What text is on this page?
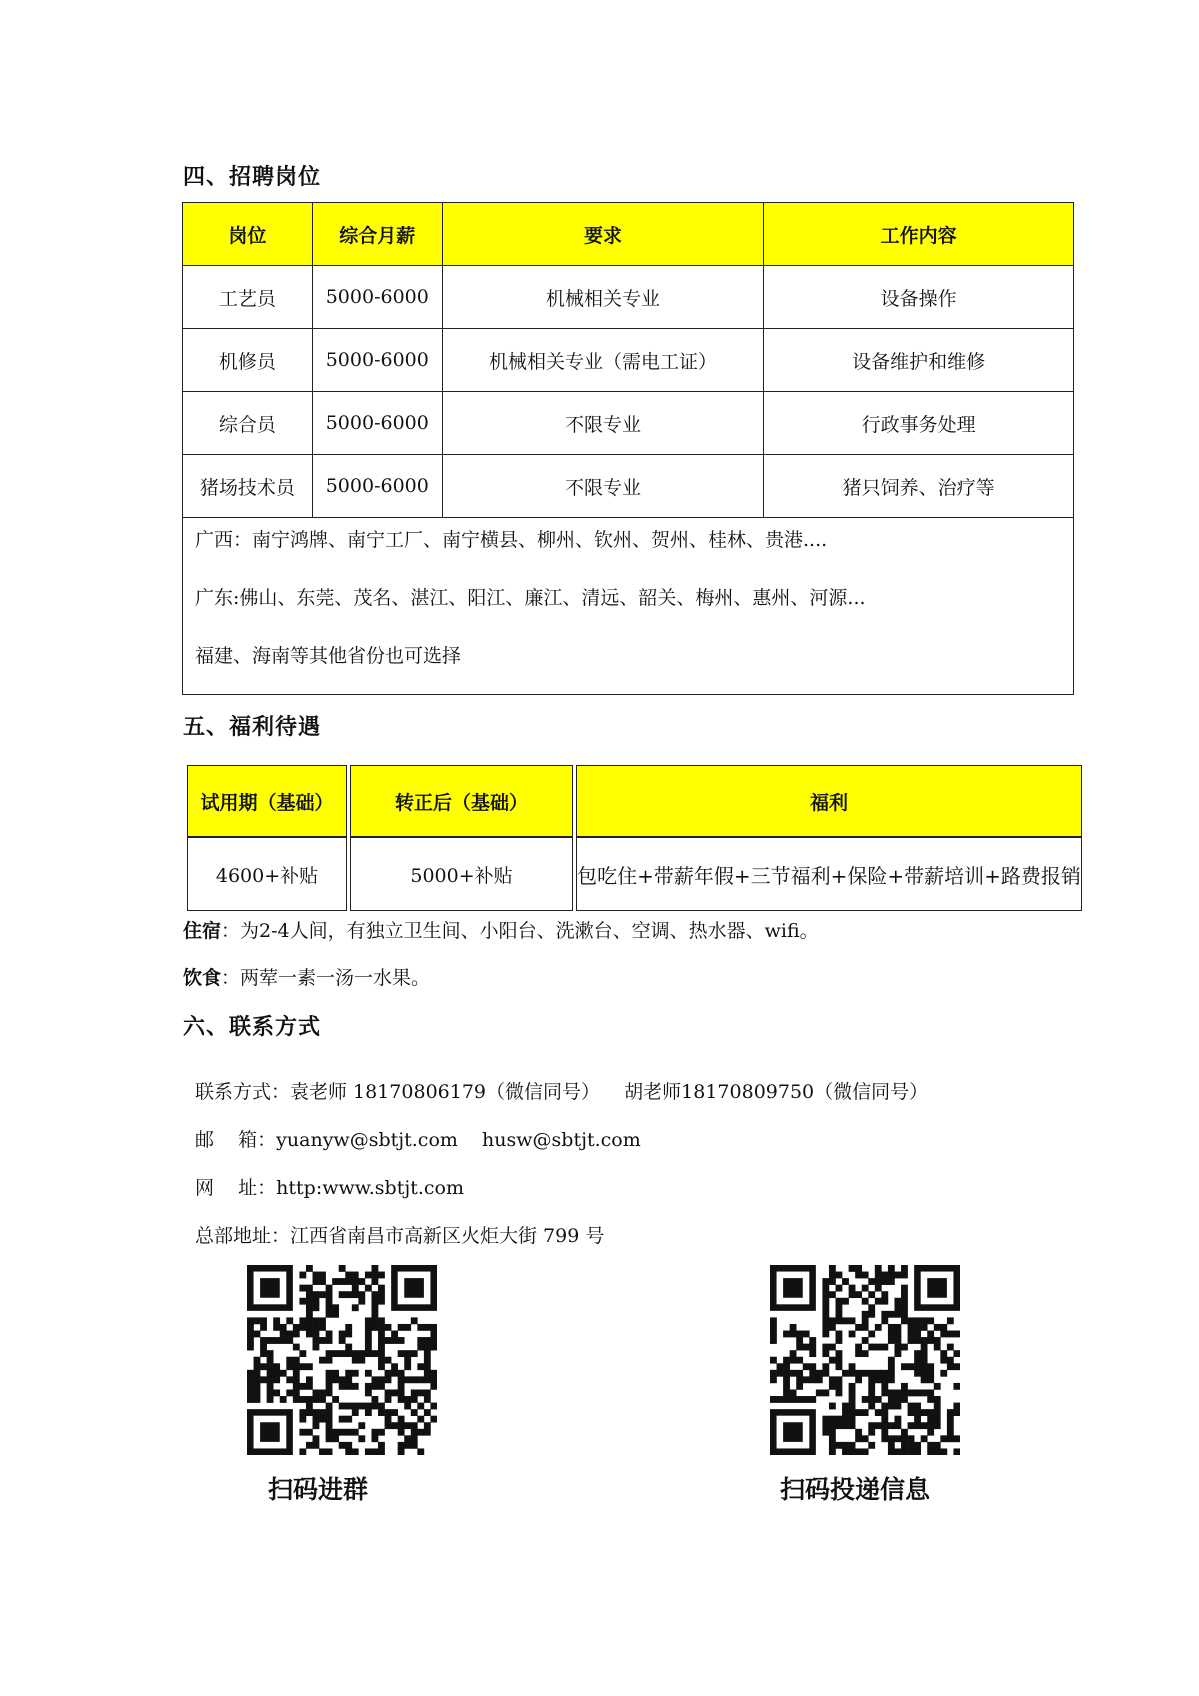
四、招聘岗位
岗位	综合月薪	要求	工作内容
工艺员	5000-6000	机械相关专业	设备操作
机修员	5000-6000	机械相关专业（需电工证）	设备维护和维修
综合员	5000-6000	不限专业	行政事务处理
猪场技术员	5000-6000	不限专业	猪只饲养、治疗等

广西：南宁鸿牌、南宁工厂、南宁横县、柳州、钦州、贺州、桂林、贵港....
广东:佛山、东莞、茂名、湛江、阳江、廉江、清远、韶关、梅州、惠州、河源...
福建、海南等其他省份也可选择			
五、福利待遇
试用期（基础）		转正后（基础）		福利
4600+补贴		5000+补贴		包吃住+带薪年假+三节福利+保险+带薪培训+路费报销
住宿：为2-4人间，有独立卫生间、小阳台、洗漱台、空调、热水器、wifi。
饮食：两荤一素一汤一水果。
六、联系方式
联系方式：袁老师 18170806179（微信同号）    胡老师18170809750（微信同号）
邮    箱：yuanyw@sbtjt.com    husw@sbtjt.com
网    址：http:www.sbtjt.com
总部地址：江西省南昌市高新区火炬大街 799 号
扫码进群	扫码投递信息
